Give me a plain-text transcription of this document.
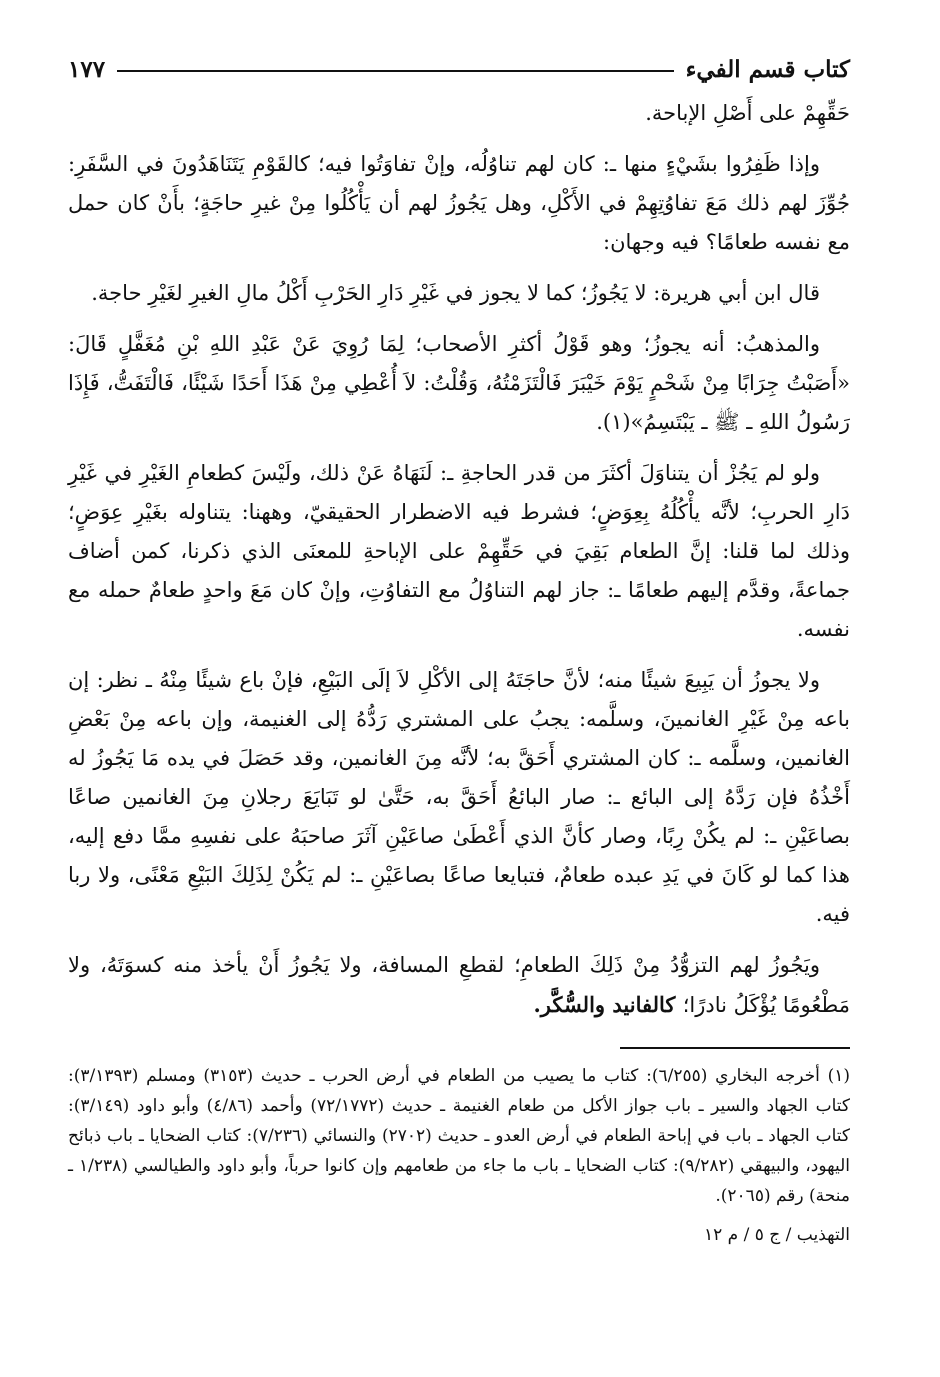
كتاب قسم الفيء
١٧٧

حَقِّهِمْ على أَصْلِ الإباحة.

وإذا ظَفِرُوا بشَيْءٍ منها ـ: كان لهم تناوُلُه، وإنْ تفاوَتُوا فيه؛ كالقَوْمِ يَتَنَاهَدُونَ في السَّفَرِ: جُوِّزَ لهم ذلك مَعَ تفاوُتِهِمْ في الأَكْلِ، وهل يَجُوزُ لهم أن يَأْكُلُوا مِنْ غيرِ حاجَةٍ؛ بأَنْ كان حمل مع نفسه طعامًا؟ فيه وجهان:

قال ابن أبي هريرة: لا يَجُوزُ؛ كما لا يجوز في غَيْرِ دَارِ الحَرْبِ أَكْلُ مالِ الغيرِ لغَيْرِ حاجة.

والمذهبُ: أنه يجوزُ؛ وهو قَوْلُ أكثرِ الأصحاب؛ لِمَا رُوِيَ عَنْ عَبْدِ اللهِ بْنِ مُغَفَّلٍ قَالَ: «أَصَبْتُ جِرَابًا مِنْ شَحْمٍ يَوْمَ خَيْبَرَ فَالْتَزَمْتُهُ، وَقُلْتُ: لاَ أُعْطِي مِنْ هَذَا أَحَدًا شَيْئًا، فَالْتَفَتُّ، فَإِذَا رَسُولُ اللهِ ـ ﷺ ـ يَبْتَسِمُ»(١).

ولو لم يَجُزْ أن يتناوَلَ أكثَرَ من قدر الحاجةِ ـ: لَنَهَاهُ عَنْ ذلك، ولَيْسَ كطعامِ الغَيْرِ في غَيْرِ دَارِ الحربِ؛ لأنَّه يأْكُلُهُ بِعِوَضٍ؛ فشرط فيه الاضطرار الحقيقيّ، وههنا: يتناوله بغَيْرِ عِوَضٍ؛ وذلك لما قلنا: إنَّ الطعام بَقِيَ في حَقِّهِمْ على الإباحةِ للمعنَى الذي ذكرنا، كمن أضاف جماعةً، وقدَّم إليهم طعامًا ـ: جاز لهم التناوُلُ مع التفاوُتِ، وإنْ كان مَعَ واحدٍ طعامٌ حمله مع نفسه.

ولا يجوزُ أن يَبِيعَ شيئًا منه؛ لأنَّ حاجَتَهُ إلى الأكْلِ لاَ إلَى البَيْعِ، فإنْ باع شيئًا مِنْهُ ـ نظر: إن باعه مِنْ غَيْرِ الغانمينَ، وسلَّمه: يجبُ على المشتري رَدُّهُ إلى الغنيمة، وإن باعه مِنْ بَعْضِ الغانمين، وسلَّمه ـ: كان المشتري أَحَقَّ به؛ لأنَّه مِنَ الغانمين، وقد حَصَلَ في يده مَا يَجُوزُ له أَخْذُهُ فإن رَدَّهُ إلى البائع ـ: صار البائعُ أَحَقَّ به، حَتَّىٰ لو تَبَايَعَ رجلانِ مِنَ الغانمين صاعًا بصاعَيْنِ ـ: لم يكُنْ رِبًا، وصار كأنَّ الذي أَعْطَىٰ صاعَيْنِ آثَرَ صاحبَهُ على نفسِهِ ممَّا دفع إليه، هذا كما لو كَانَ في يَدِ عبده طعامٌ، فتبايعا صاعًا بصاعَيْنِ ـ: لم يَكُنْ لِذَلِكَ البَيْعِ مَعْنًى، ولا ربا فيه.

ويَجُوزُ لهم التزوُّدُ مِنْ ذَلِكَ الطعامِ؛ لقطعِ المسافة، ولا يَجُوزُ أَنْ يأخذ منه كسوَتَهُ، ولا مَطْعُومًا يُؤْكَلُ نادرًا؛ كالفانيد والسُّكَّر.

(١) أخرجه البخاري (٦/٢٥٥): كتاب ما يصيب من الطعام في أرض الحرب ـ حديث (٣١٥٣) ومسلم (٣/١٣٩٣): كتاب الجهاد والسير ـ باب جواز الأكل من طعام الغنيمة ـ حديث (٧٢/١٧٧٢) وأحمد (٤/٨٦) وأبو داود (٣/١٤٩): كتاب الجهاد ـ باب في إباحة الطعام في أرض العدو ـ حديث (٢٧٠٢) والنسائي (٧/٢٣٦): كتاب الضحايا ـ باب ذبائح اليهود، والبيهقي (٩/٢٨٢): كتاب الضحايا ـ باب ما جاء من طعامهم وإن كانوا حرباً، وأبو داود والطيالسي (١/٢٣٨ ـ منحة) رقم (٢٠٦٥).

التهذيب / ج ٥ / م ١٢
